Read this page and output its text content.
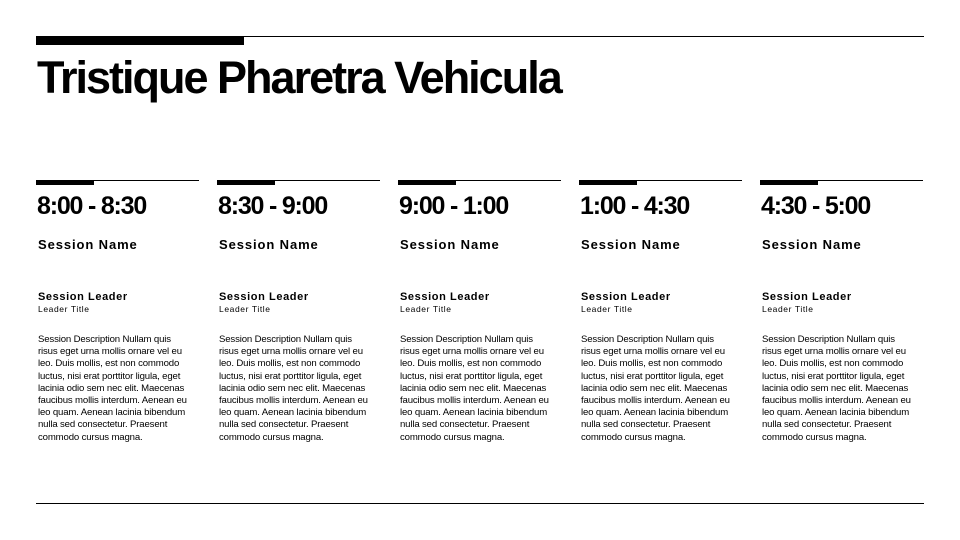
Tristique Pharetra Vehicula
8:00 - 8:30
Session Name
Session Leader
Leader Title
Session Description Nullam quis risus eget urna mollis ornare vel eu leo. Duis mollis, est non commodo luctus, nisi erat porttitor ligula, eget lacinia odio sem nec elit. Maecenas faucibus mollis interdum. Aenean eu leo quam. Aenean lacinia bibendum nulla sed consectetur. Praesent commodo cursus magna.
8:30 - 9:00
Session Name
Session Leader
Leader Title
Session Description Nullam quis risus eget urna mollis ornare vel eu leo. Duis mollis, est non commodo luctus, nisi erat porttitor ligula, eget lacinia odio sem nec elit. Maecenas faucibus mollis interdum. Aenean eu leo quam. Aenean lacinia bibendum nulla sed consectetur. Praesent commodo cursus magna.
9:00 - 1:00
Session Name
Session Leader
Leader Title
Session Description Nullam quis risus eget urna mollis ornare vel eu leo. Duis mollis, est non commodo luctus, nisi erat porttitor ligula, eget lacinia odio sem nec elit. Maecenas faucibus mollis interdum. Aenean eu leo quam. Aenean lacinia bibendum nulla sed consectetur. Praesent commodo cursus magna.
1:00 - 4:30
Session Name
Session Leader
Leader Title
Session Description Nullam quis risus eget urna mollis ornare vel eu leo. Duis mollis, est non commodo luctus, nisi erat porttitor ligula, eget lacinia odio sem nec elit. Maecenas faucibus mollis interdum. Aenean eu leo quam. Aenean lacinia bibendum nulla sed consectetur. Praesent commodo cursus magna.
4:30 - 5:00
Session Name
Session Leader
Leader Title
Session Description Nullam quis risus eget urna mollis ornare vel eu leo. Duis mollis, est non commodo luctus, nisi erat porttitor ligula, eget lacinia odio sem nec elit. Maecenas faucibus mollis interdum. Aenean eu leo quam. Aenean lacinia bibendum nulla sed consectetur. Praesent commodo cursus magna.
